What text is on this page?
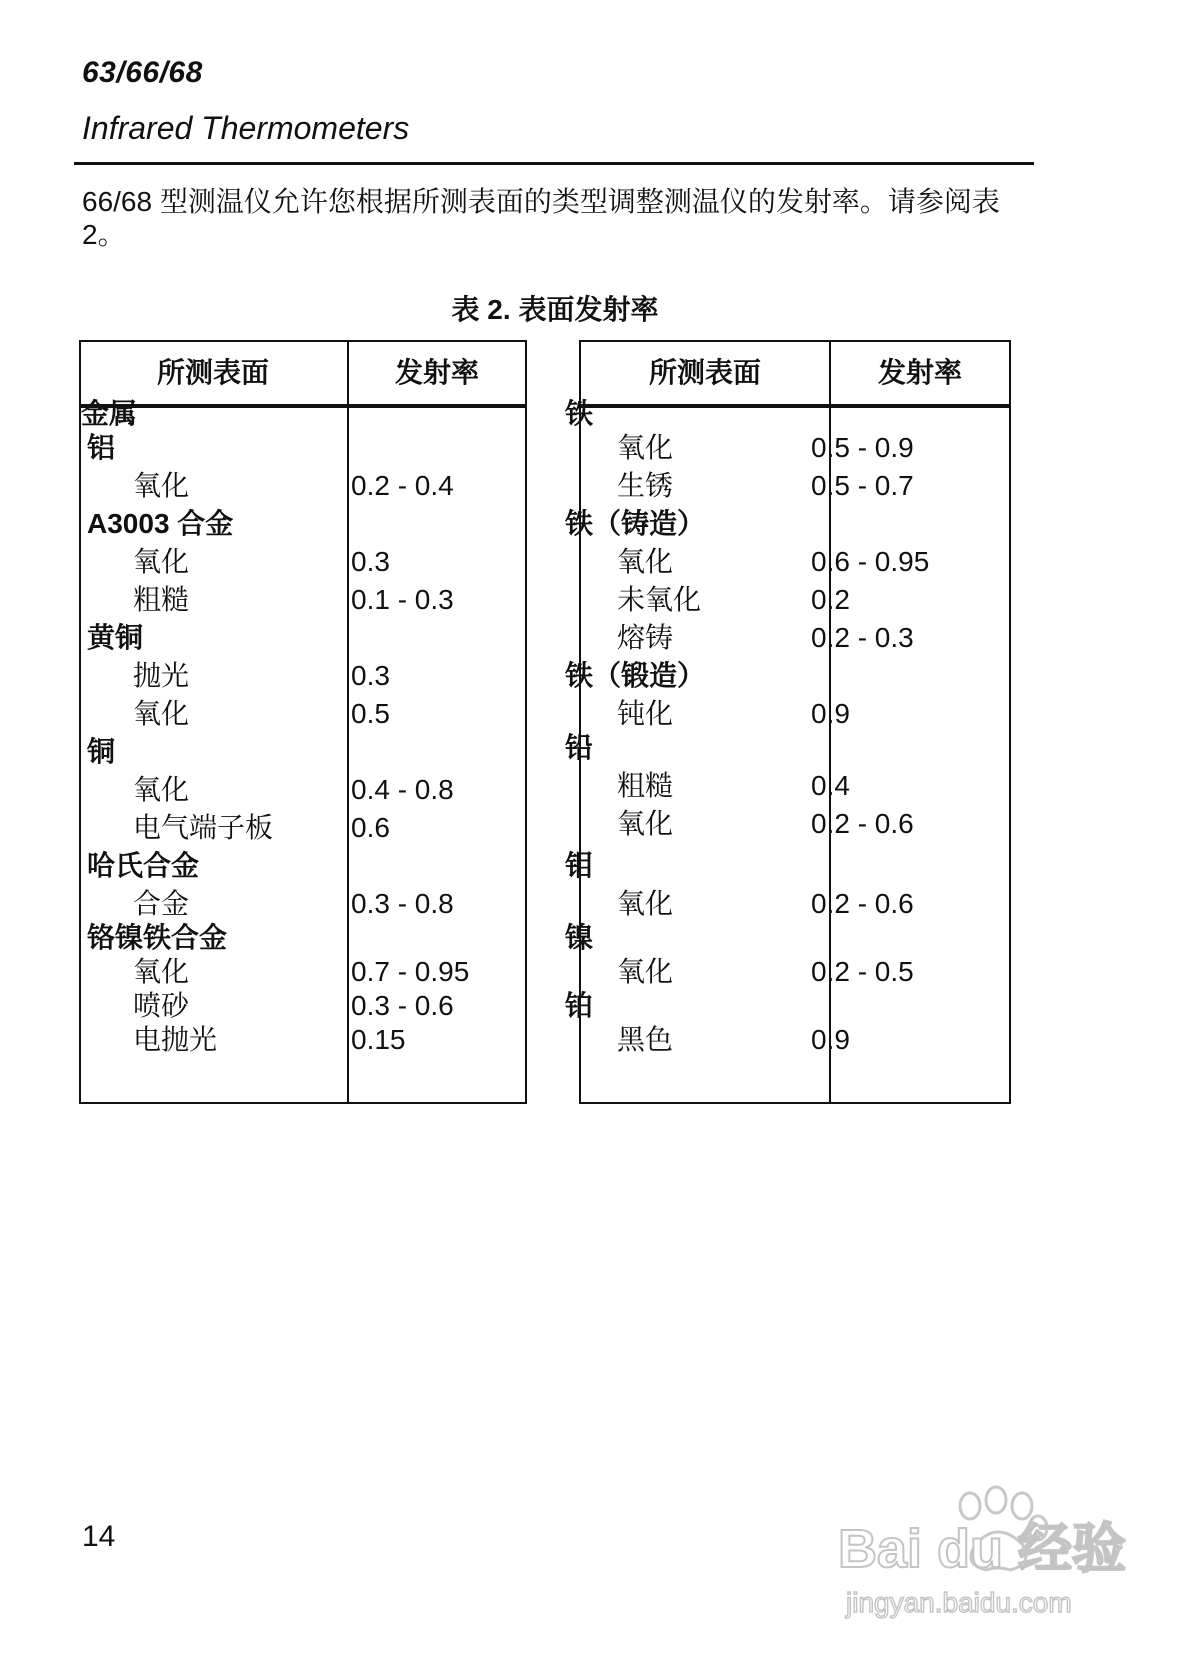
63/66/68
Infrared Thermometers
66/68 型测温仪允许您根据所测表面的类型调整测温仪的发射率。请参阅表 2。
表 2. 表面发射率
所测表面	发射率	所测表面	发射率
金属
铝
氧化	0.2 - 0.4
A3003 合金
氧化	0.3
粗糙	0.1 - 0.3
黄铜
抛光	0.3
氧化	0.5
铜
氧化	0.4 - 0.8
电气端子板	0.6
哈氏合金
合金	0.3 - 0.8
铬镍铁合金
氧化	0.7 - 0.95
喷砂	0.3 - 0.6
电抛光	0.15
铁
氧化	0.5 - 0.9
生锈	0.5 - 0.7
铁（铸造）
氧化	0.6 - 0.95
未氧化	0.2
熔铸	0.2 - 0.3
铁（锻造）
钝化	0.9
铅
粗糙	0.4
氧化	0.2 - 0.6
钼
氧化	0.2 - 0.6
镍
氧化	0.2 - 0.5
铂
黑色	0.9
14	Bai du 经验
jingyan.baidu.com
